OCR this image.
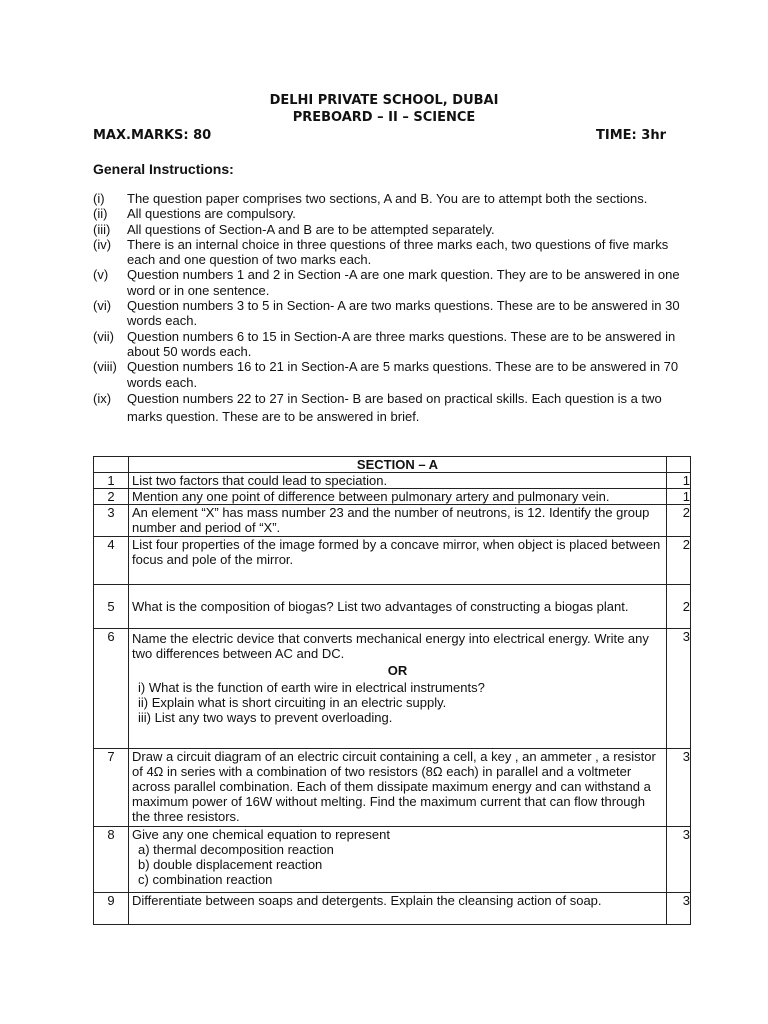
DELHI PRIVATE SCHOOL, DUBAI
PREBOARD – II – SCIENCE
MAX.MARKS: 80	TIME: 3hr
General Instructions:
(i) The question paper comprises two sections, A and B. You are to attempt both the sections.
(ii) All questions are compulsory.
(iii) All questions of Section-A and B are to be attempted separately.
(iv) There is an internal choice in three questions of three marks each, two questions of five marks each and one question of two marks each.
(v) Question numbers 1 and 2 in Section -A are one mark question. They are to be answered in one word or in one sentence.
(vi) Question numbers 3 to 5 in Section- A are two marks questions. These are to be answered in 30 words each.
(vii) Question numbers 6 to 15 in Section-A are three marks questions. These are to be answered in about 50 words each.
(viii) Question numbers 16 to 21 in Section-A are 5 marks questions. These are to be answered in 70 words each.
(ix) Question numbers 22 to 27 in Section- B are based on practical skills. Each question is a two marks question. These are to be answered in brief.
	SECTION – A	
1	List two factors that could lead to speciation.	1
2	Mention any one point of difference between pulmonary artery and pulmonary vein.	1
3	An element “X” has mass number 23 and the number of neutrons, is 12. Identify the group number and period of “X”.	2
4	List four properties of the image formed by a concave mirror, when object is placed between focus and pole of the mirror.	2
5	What is the composition of biogas? List two advantages of constructing a biogas plant.	2
6	Name the electric device that converts mechanical energy into electrical energy. Write any two differences between AC and DC.
OR
i) What is the function of earth wire in electrical instruments?
ii) Explain what is short circuiting in an electric supply.
iii) List any two ways to prevent overloading.	3
7	Draw a circuit diagram of an electric circuit containing a cell, a key , an ammeter , a resistor of 4Ω in series with a combination of two resistors (8Ω each) in parallel and a voltmeter across parallel combination. Each of them dissipate maximum energy and can withstand a maximum power of 16W without melting. Find the maximum current that can flow through the three resistors.	3
8	Give any one chemical equation to represent
a) thermal decomposition reaction
b) double displacement reaction
c) combination reaction	3
9	Differentiate between soaps and detergents. Explain the cleansing action of soap.	3
